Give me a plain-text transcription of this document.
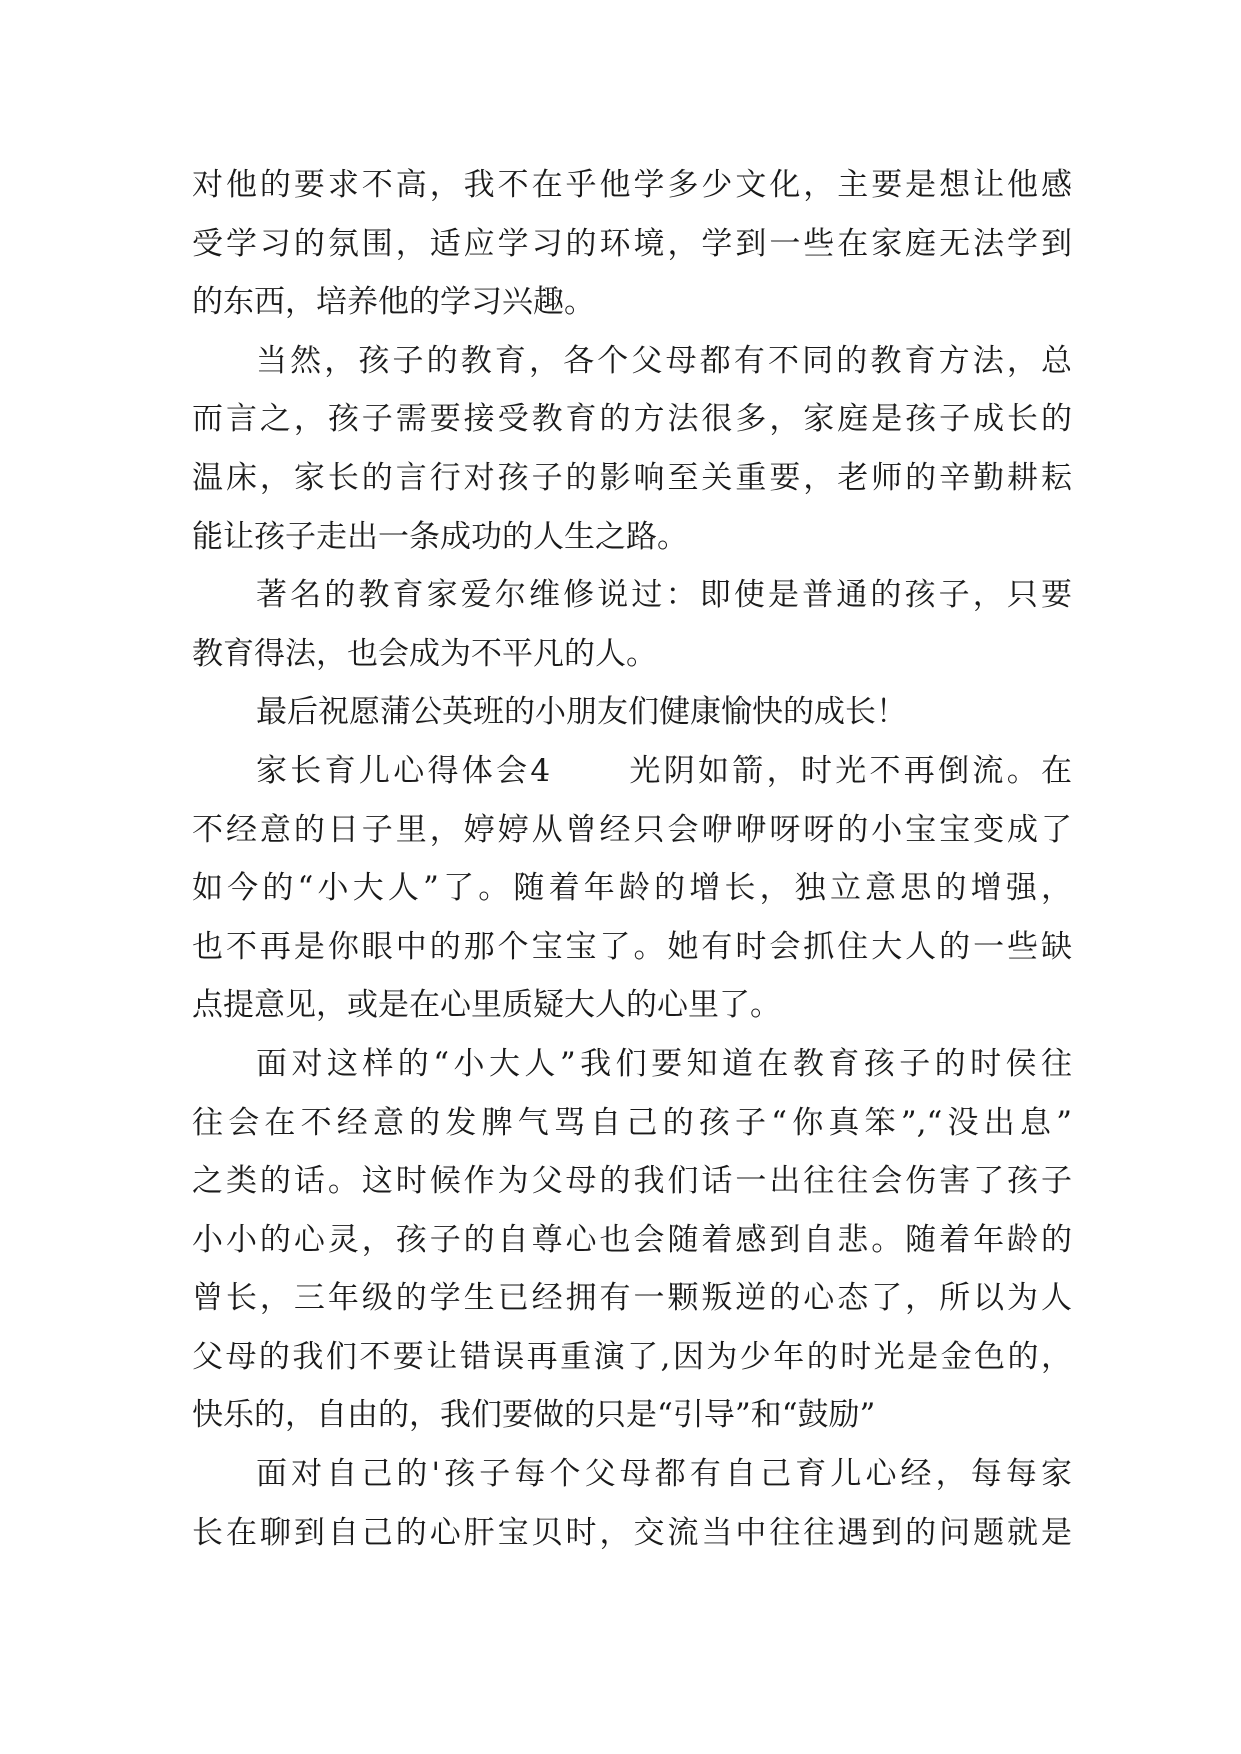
对他的要求不高，我不在乎他学多少文化，主要是想让他感
受学习的氛围，适应学习的环境，学到一些在家庭无法学到
的东西，培养他的学习兴趣。
当然，孩子的教育，各个父母都有不同的教育方法，总
而言之，孩子需要接受教育的方法很多，家庭是孩子成长的
温床，家长的言行对孩子的影响至关重要，老师的辛勤耕耘
能让孩子走出一条成功的人生之路。
著名的教育家爱尔维修说过：即使是普通的孩子，只要
教育得法，也会成为不平凡的人。
最后祝愿蒲公英班的小朋友们健康愉快的成长！
家长育儿心得体会4 光阴如箭，时光不再倒流。在
不经意的日子里，婷婷从曾经只会咿咿呀呀的小宝宝变成了
如今的“小大人”了。随着年龄的增长，独立意思的增强，
也不再是你眼中的那个宝宝了。她有时会抓住大人的一些缺
点提意见，或是在心里质疑大人的心里了。
面对这样的“小大人”我们要知道在教育孩子的时侯往
往会在不经意的发脾气骂自己的孩子“你真笨”,“没出息”
之类的话。这时候作为父母的我们话一出往往会伤害了孩子
小小的心灵，孩子的自尊心也会随着感到自悲。随着年龄的
曾长，三年级的学生已经拥有一颗叛逆的心态了，所以为人
父母的我们不要让错误再重演了,因为少年的时光是金色的，
快乐的，自由的，我们要做的只是“引导”和“鼓励”
面对自己的'孩子每个父母都有自己育儿心经，每每家
长在聊到自己的心肝宝贝时，交流当中往往遇到的问题就是
